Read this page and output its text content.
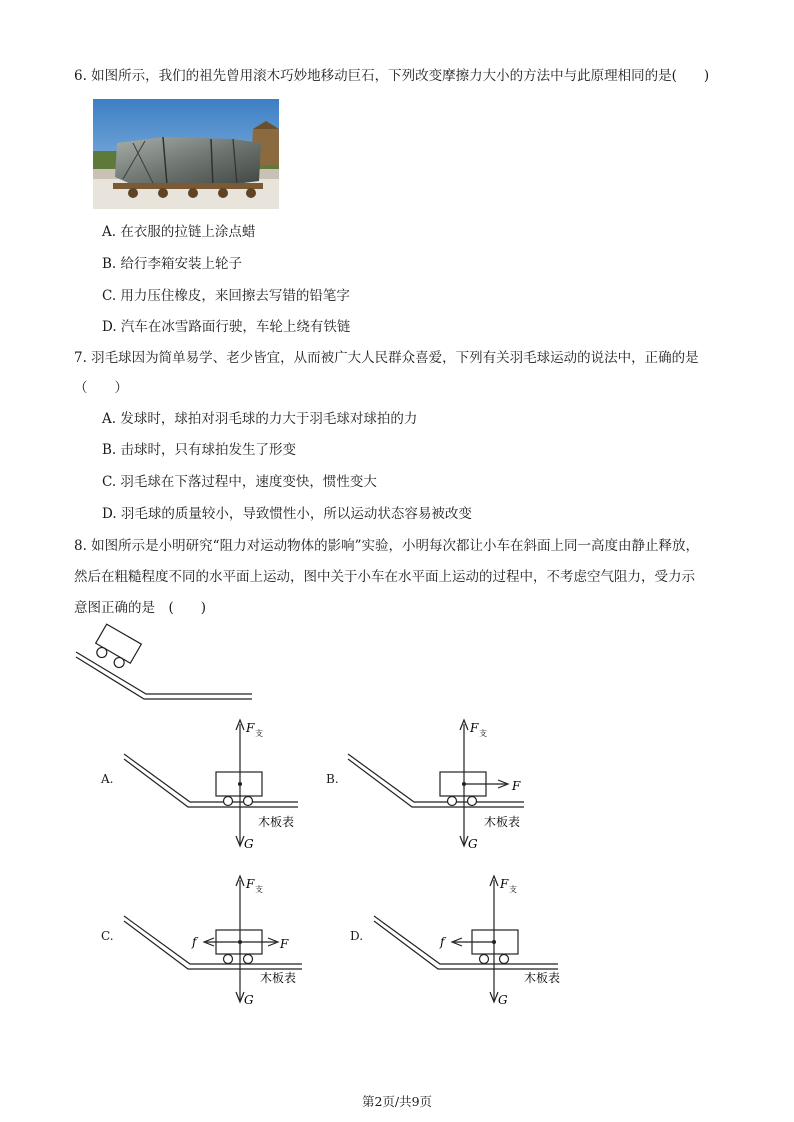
6. 如图所示，我们的祖先曾用滚木巧妙地移动巨石，下列改变摩擦力大小的方法中与此原理相同的是(　　)
A. 在衣服的拉链上涂点蜡
B. 给行李箱安装上轮子
C. 用力压住橡皮，来回擦去写错的铅笔字
D. 汽车在冰雪路面行驶，车轮上绕有铁链
7. 羽毛球因为简单易学、老少皆宜，从而被广大人民群众喜爱，下列有关羽毛球运动的说法中，正确的是
（　　）
A. 发球时，球拍对羽毛球的力大于羽毛球对球拍的力
B. 击球时，只有球拍发生了形变
C. 羽毛球在下落过程中，速度变快，惯性变大
D. 羽毛球的质量较小，导致惯性小，所以运动状态容易被改变
8. 如图所示是小明研究“阻力对运动物体的影响”实验，小明每次都让小车在斜面上同一高度由静止释放，
然后在粗糙程度不同的水平面上运动，图中关于小车在水平面上运动的过程中，不考虑空气阻力，受力示
意图正确的是　(　　)
A.
F 支
G
木板表
B.
F 支
F
G
木板表
C.
F 支
f	F
G
木板表
D.
F 支
f
G
木板表
第2页/共9页
